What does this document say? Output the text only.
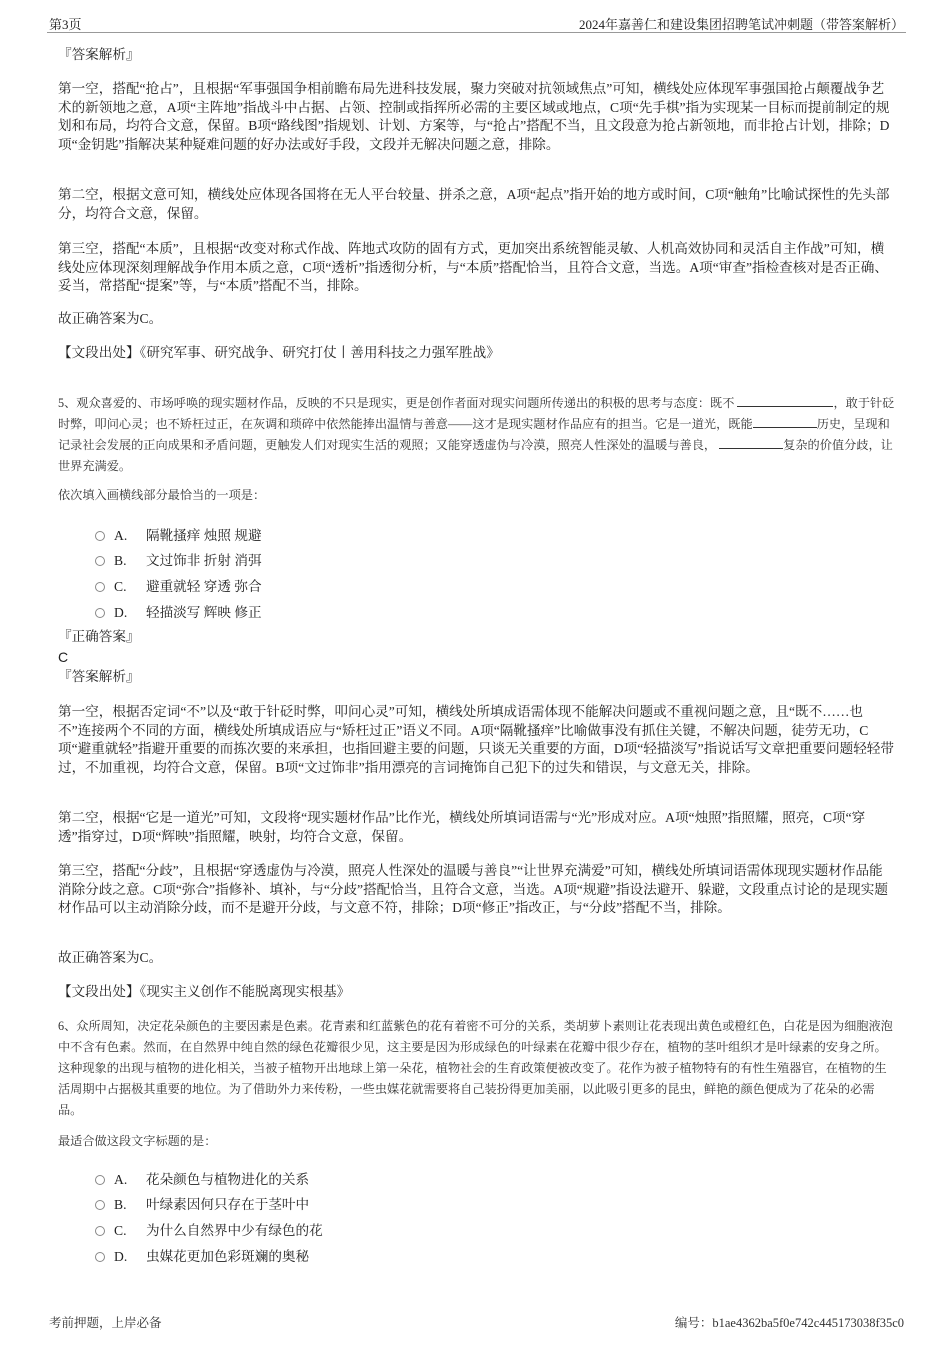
第3页	2024年嘉善仁和建设集团招聘笔试冲刺题（带答案解析）

『答案解析』

第一空，搭配“抢占”，且根据“军事强国争相前瞻布局先进科技发展，聚力突破对抗领域焦点”可知，横线处应体现军事强国抢占颠覆战争艺术的新领地之意，A项“主阵地”指战斗中占据、占领、控制或指挥所必需的主要区域或地点，C项“先手棋”指为实现某一目标而提前制定的规划和布局，均符合文意，保留。B项“路线图”指规划、计划、方案等，与“抢占”搭配不当，且文段意为抢占新领地，而非抢占计划，排除；D项“金钥匙”指解决某种疑难问题的好办法或好手段，文段并无解决问题之意，排除。

第二空，根据文意可知，横线处应体现各国将在无人平台较量、拼杀之意，A项“起点”指开始的地方或时间，C项“触角”比喻试探性的先头部分，均符合文意，保留。

第三空，搭配“本质”，且根据“改变对称式作战、阵地式攻防的固有方式，更加突出系统智能灵敏、人机高效协同和灵活自主作战”可知，横线处应体现深刻理解战争作用本质之意，C项“透析”指透彻分析，与“本质”搭配恰当，且符合文意，当选。A项“审查”指检查核对是否正确、妥当，常搭配“提案”等，与“本质”搭配不当，排除。

故正确答案为C。

【文段出处】《研究军事、研究战争、研究打仗丨善用科技之力强军胜战》

5、观众喜爱的、市场呼唤的现实题材作品，反映的不只是现实，更是创作者面对现实问题所传递出的积极的思考与态度：既不	，敢于针砭时弊，叩问心灵；也不矫枉过正，在灰调和琐碎中依然能捧出温情与善意——这才是现实题材作品应有的担当。它是一道光，既能	历史，呈现和记录社会发展的正向成果和矛盾问题，更触发人们对现实生活的观照；又能穿透虚伪与冷漠，照亮人性深处的温暖与善良，	复杂的价值分歧，让世界充满爱。

依次填入画横线部分最恰当的一项是：

A. 隔靴搔痒 烛照 规避
B. 文过饰非 折射 消弭
C. 避重就轻 穿透 弥合
D. 轻描淡写 辉映 修正

『正确答案』

C

『答案解析』

第一空，根据否定词“不”以及“敢于针砭时弊，叩问心灵”可知，横线处所填成语需体现不能解决问题或不重视问题之意，且“既不……也不”连接两个不同的方面，横线处所填成语应与“矫枉过正”语义不同。A项“隔靴搔痒”比喻做事没有抓住关键，不解决问题，徒劳无功，C项“避重就轻”指避开重要的而拣次要的来承担，也指回避主要的问题，只谈无关重要的方面，D项“轻描淡写”指说话写文章把重要问题轻轻带过，不加重视，均符合文意，保留。B项“文过饰非”指用漂亮的言词掩饰自己犯下的过失和错误，与文意无关，排除。

第二空，根据“它是一道光”可知，文段将“现实题材作品”比作光，横线处所填词语需与“光”形成对应。A项“烛照”指照耀，照亮，C项“穿透”指穿过，D项“辉映”指照耀，映射，均符合文意，保留。

第三空，搭配“分歧”，且根据“穿透虚伪与冷漠，照亮人性深处的温暖与善良”“让世界充满爱”可知，横线处所填词语需体现现实题材作品能消除分歧之意。C项“弥合”指修补、填补，与“分歧”搭配恰当，且符合文意，当选。A项“规避”指设法避开、躲避，文段重点讨论的是现实题材作品可以主动消除分歧，而不是避开分歧，与文意不符，排除；D项“修正”指改正，与“分歧”搭配不当，排除。

故正确答案为C。

【文段出处】《现实主义创作不能脱离现实根基》

6、众所周知，决定花朵颜色的主要因素是色素。花青素和红蓝紫色的花有着密不可分的关系，类胡萝卜素则让花表现出黄色或橙红色，白花是因为细胞液泡中不含有色素。然而，在自然界中纯自然的绿色花瓣很少见，这主要是因为形成绿色的叶绿素在花瓣中很少存在，植物的茎叶组织才是叶绿素的安身之所。这种现象的出现与植物的进化相关，当被子植物开出地球上第一朵花，植物社会的生育政策便被改变了。花作为被子植物特有的有性生殖器官，在植物的生活周期中占据极其重要的地位。为了借助外力来传粉，一些虫媒花就需要将自己装扮得更加美丽，以此吸引更多的昆虫，鲜艳的颜色便成为了花朵的必需品。

最适合做这段文字标题的是：

A. 花朵颜色与植物进化的关系
B. 叶绿素因何只存在于茎叶中
C. 为什么自然界中少有绿色的花
D. 虫媒花更加色彩斑斓的奥秘
考前押题，上岸必备	编号：b1ae4362ba5f0e742c445173038f35c0
